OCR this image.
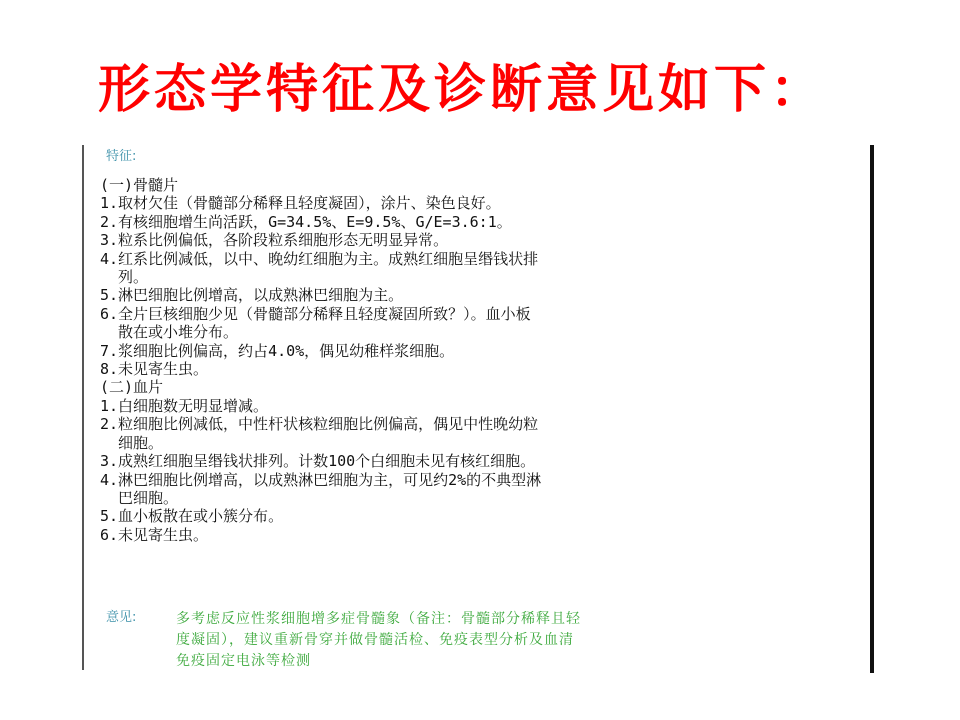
形态学特征及诊断意见如下：
特征:
(一)骨髓片
1.取材欠佳（骨髓部分稀释且轻度凝固），涂片、染色良好。
2.有核细胞增生尚活跃，G=34.5%、E=9.5%、G/E=3.6:1。
3.粒系比例偏低，各阶段粒系细胞形态无明显异常。
4.红系比例减低，以中、晚幼红细胞为主。成熟红细胞呈缗钱状排
列。
5.淋巴细胞比例增高，以成熟淋巴细胞为主。
6.全片巨核细胞少见（骨髓部分稀释且轻度凝固所致？）。血小板
散在或小堆分布。
7.浆细胞比例偏高，约占4.0%，偶见幼稚样浆细胞。
8.未见寄生虫。
(二)血片
1.白细胞数无明显增减。
2.粒细胞比例减低，中性杆状核粒细胞比例偏高，偶见中性晚幼粒
细胞。
3.成熟红细胞呈缗钱状排列。计数100个白细胞未见有核红细胞。
4.淋巴细胞比例增高，以成熟淋巴细胞为主，可见约2%的不典型淋
巴细胞。
5.血小板散在或小簇分布。
6.未见寄生虫。
意见:	多考虑反应性浆细胞增多症骨髓象（备注：骨髓部分稀释且轻
度凝固），建议重新骨穿并做骨髓活检、免疫表型分析及血清
免疫固定电泳等检测
